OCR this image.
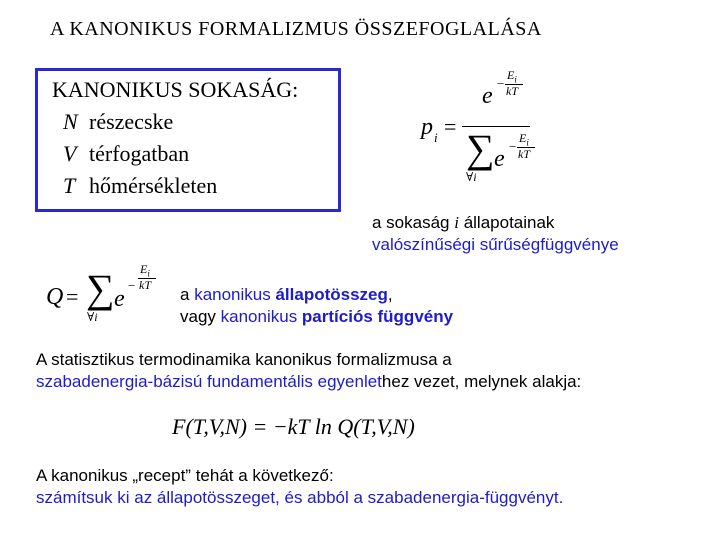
A KANONIKUS FORMALIZMUS ÖSSZEFOGLALÁSA
KANONIKUS SOKASÁG:
N részecske
V térfogatban
T hőmérsékleten
p i =
e −
$E_i$
kT
∑
∀i
e −
$E_i$
kT
a sokaság i állapotainak
valószínűségi sűrűségfüggvénye
Q = ∑
∀i
e
−
$E_i$
kT a kanonikus állapotösszeg,
vagy kanonikus partíciós függvény
A statisztikus termodinamika kanonikus formalizmusa a
szabadenergia-bázisú fundamentális egyenlethez vezet, melynek alakja:
F(T,V,N) = −kT ln Q(T,V,N)
A kanonikus „recept” tehát a következő:
számítsuk ki az állapotösszeget, és abból a szabadenergia-függvényt.
